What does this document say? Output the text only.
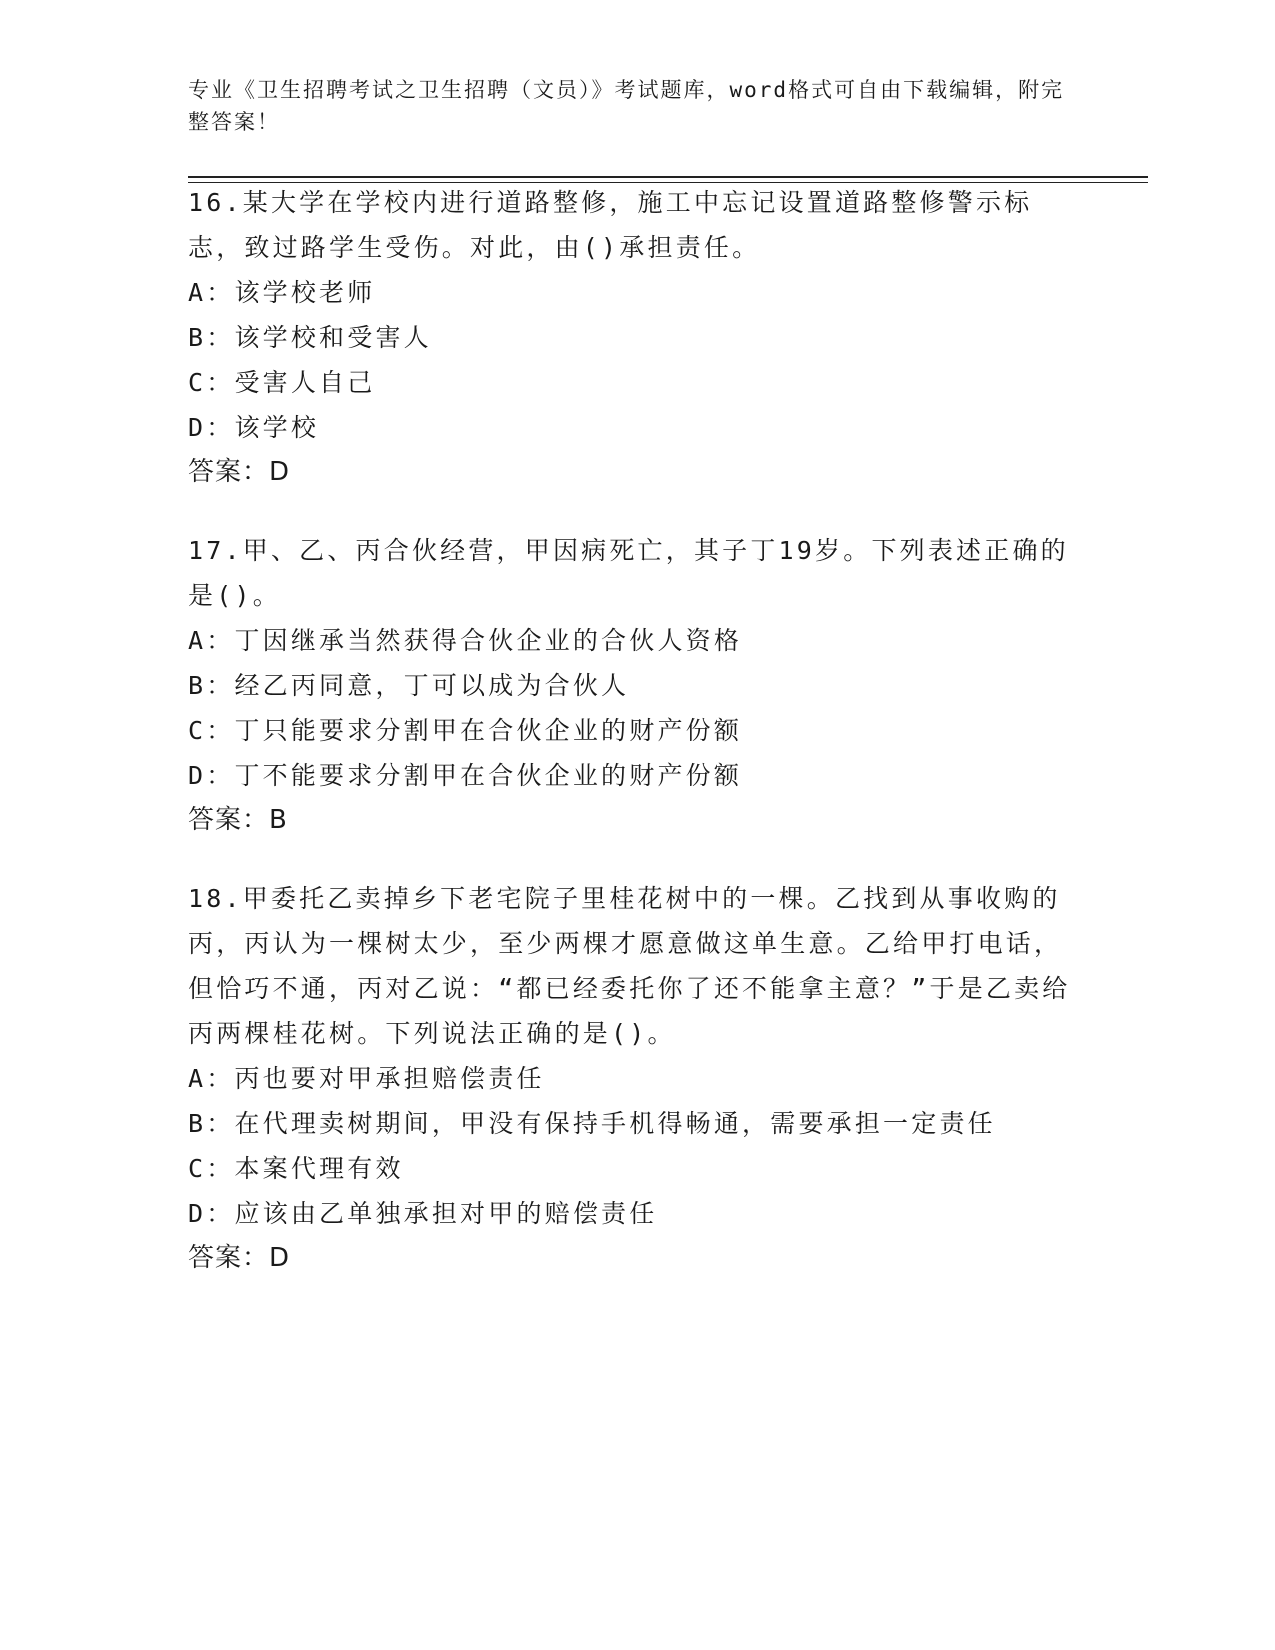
专业《卫生招聘考试之卫生招聘（文员）》考试题库，word格式可自由下载编辑，附完整答案！

16.某大学在学校内进行道路整修，施工中忘记设置道路整修警示标志，致过路学生受伤。对此，由()承担责任。

A：该学校老师

B：该学校和受害人

C：受害人自己

D：该学校

答案：D

17.甲、乙、丙合伙经营，甲因病死亡，其子丁19岁。下列表述正确的是()。

A：丁因继承当然获得合伙企业的合伙人资格

B：经乙丙同意，丁可以成为合伙人

C：丁只能要求分割甲在合伙企业的财产份额

D：丁不能要求分割甲在合伙企业的财产份额

答案：B

18.甲委托乙卖掉乡下老宅院子里桂花树中的一棵。乙找到从事收购的丙，丙认为一棵树太少，至少两棵才愿意做这单生意。乙给甲打电话，但恰巧不通，丙对乙说：“都已经委托你了还不能拿主意？”于是乙卖给丙两棵桂花树。下列说法正确的是()。

A：丙也要对甲承担赔偿责任

B：在代理卖树期间，甲没有保持手机得畅通，需要承担一定责任

C：本案代理有效

D：应该由乙单独承担对甲的赔偿责任

答案：D
